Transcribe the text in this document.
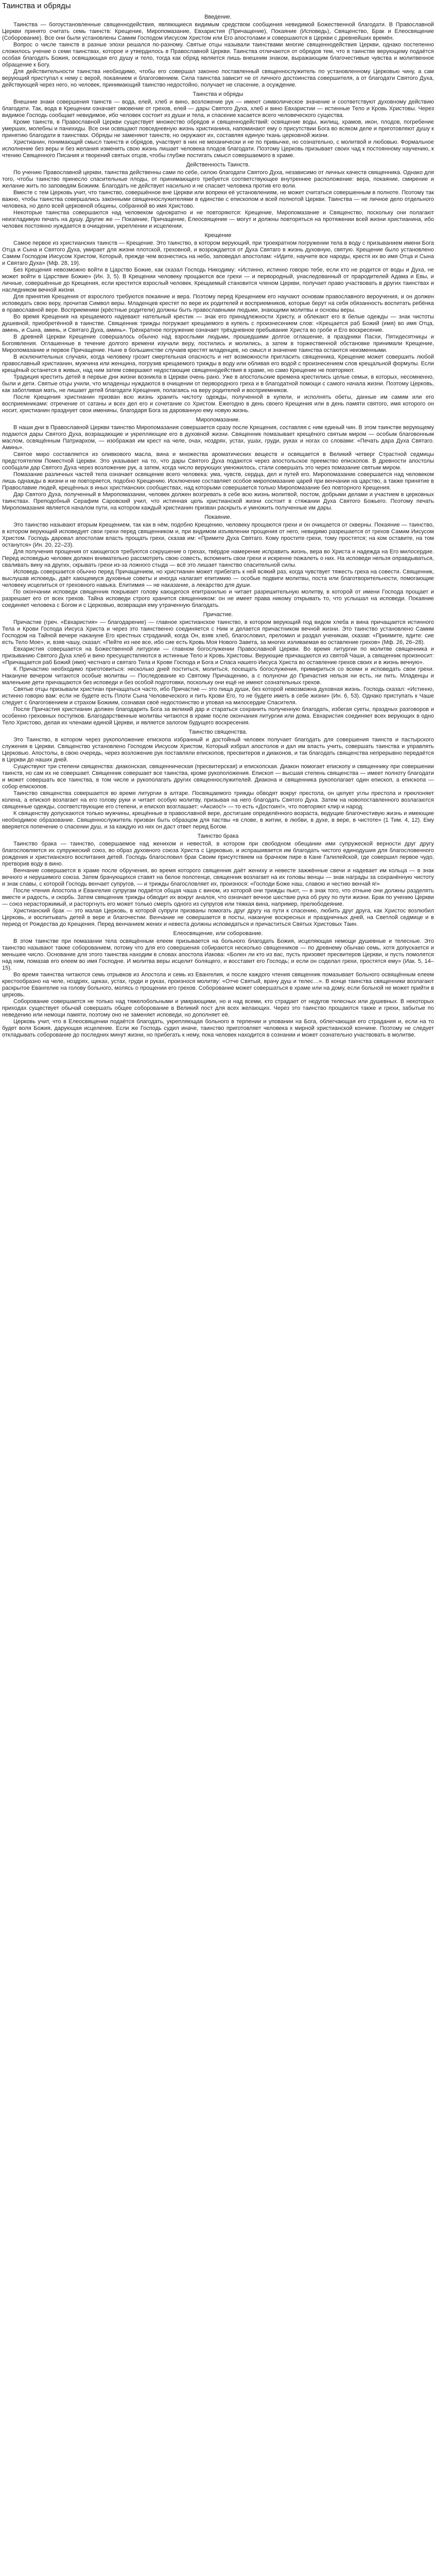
Таинства и обряды
Введение.

Таинства — богоустановленные священнодействия, являющиеся видимым средством сообщения невидимой Божественной благодати. В Православной Церкви принято считать семь таинств: Крещение, Миропомазание, Евхаристия (Причащение), Покаяние (Исповедь), Священство, Брак и Елеосвящение (Соборование). Все они были установлены Самим Господом Иисусом Христом или Его апостолами и совершаются в Церкви с древнейших времён.

Вопрос о числе таинств в разные эпохи решался по-разному. Святые отцы называли таинствами многие священнодействия Церкви, однако постепенно сложилось учение о семи таинствах, которое и утвердилось в Православной Церкви. Таинства отличаются от обрядов тем, что в таинстве верующему подаётся особая благодать Божия, освящающая его душу и тело, тогда как обряд является лишь внешним знаком, выражающим благочестивые чувства и молитвенное обращение к Богу.

Для действительности таинства необходимо, чтобы его совершал законно поставленный священнослужитель по установленному Церковью чину, а сам верующий приступал к нему с верой, покаянием и благоговением. Сила таинства зависит не от личного достоинства совершителя, а от благодати Святого Духа, действующей через него, но человек, принимающий таинство недостойно, получает не спасение, а осуждение.

Таинства и обряды

Внешние знаки совершения таинств — вода, елей, хлеб и вино, возложение рук — имеют символическое значение и соответствуют духовному действию благодати. Так, вода в Крещении означает омовение от грехов, елей — дары Святого Духа, хлеб и вино Евхаристии — истинные Тело и Кровь Христовы. Через видимое Господь сообщает невидимое, ибо человек состоит из души и тела, и спасение касается всего человеческого существа.

Кроме таинств, в Православной Церкви существует множество обрядов и священнодействий: освящение воды, жилищ, храмов, икон, плодов, погребение умерших, молебны и панихиды. Все они освящают повседневную жизнь христианина, напоминают ему о присутствии Бога во всяком деле и приготовляют душу к принятию благодати в таинствах. Обряды не заменяют таинств, но окружают их, составляя единую ткань церковной жизни.

Христианин, понимающий смысл таинств и обрядов, участвует в них не механически и не по привычке, но сознательно, с молитвой и любовью. Формальное исполнение без веры и без желания изменить свою жизнь лишает человека плодов благодати. Поэтому Церковь призывает своих чад к постоянному научению, к чтению Священного Писания и творений святых отцов, чтобы глубже постигать смысл совершаемого в храме.

Действенность Таинств.

По учению Православной церкви, таинства действенны сами по себе, силою благодати Святого Духа, независимо от личных качеств священника. Однако для того, чтобы таинство принесло спасительные плоды, от принимающего требуется соответствующее внутреннее расположение: вера, покаяние, смирение и желание жить по заповедям Божиим. Благодать не действует насильно и не спасает человека против его воли.

Вместе с тем Церковь учит, что таинство, совершённое вне Церкви или вопреки её установлениям, не может считаться совершенным в полноте. Поэтому так важно, чтобы таинства совершались законными священнослужителями в единстве с епископом и всей полнотой Церкви. Таинства — не личное дело отдельного человека, но дело всей церковной общины, собранной во имя Христово.

Некоторые таинства совершаются над человеком однократно и не повторяются: Крещение, Миропомазание и Священство, поскольку они полагают неизгладимую печать на душу. Другие же — Покаяние, Причащение, Елеосвящение — могут и должны повторяться на протяжении всей жизни христианина, ибо человек постоянно нуждается в очищении, укреплении и исцелении.

Крещение

Самое первое из христианских таинств — Крещение. Это таинство, в котором верующий, при троекратном погружении тела в воду с призыванием имени Бога Отца и Сына и Святого Духа, умирает для жизни плотской, греховной, и возрождается от Духа Святаго в жизнь духовную, святую. Крещение было установлено Самим Господом Иисусом Христом, Который, прежде чем вознестись на небо, заповедал апостолам: «Идите, научите все народы, крестя их во имя Отца и Сына и Святаго Духа» (Мф. 28, 19).

Без Крещения невозможно войти в Царство Божие, как сказал Господь Никодиму: «Истинно, истинно говорю тебе, если кто не родится от воды и Духа, не может войти в Царствие Божие» (Ин. 3, 5). В Крещении человеку прощаются все грехи — и первородный, унаследованный от прародителей Адама и Евы, и личные, совершённые до Крещения, если крестится взрослый человек. Крещаемый становится членом Церкви, получает право участвовать в других таинствах и наследником вечной жизни.

Для принятия Крещения от взрослого требуются покаяние и вера. Поэтому перед Крещением его научают основам православного вероучения, и он должен исповедать свою веру, прочитав Символ веры. Младенцев крестят по вере их родителей и восприемников, которые берут на себя обязанность воспитать ребёнка в православной вере. Восприемники (крёстные родители) должны быть православными людьми, знающими молитвы и основы веры.

Во время Крещения на крещаемого надевают нательный крестик — знак его принадлежности Христу, и облекают его в белые одежды — знак чистоты душевной, приобретённой в таинстве. Священник трижды погружает крещаемого в купель с произнесением слов: «Крещается раб Божий (имя) во имя Отца, аминь, и Сына, аминь, и Святаго Духа, аминь». Трёхкратное погружение означает трёхдневное пребывание Христа во гробе и Его воскресение.

В древней Церкви Крещение совершалось обычно над взрослыми людьми, прошедшими долгое оглашение, в праздники Пасхи, Пятидесятницы и Богоявления. Оглашенные в течение долгого времени изучали веру, постились и молились, а затем в торжественной обстановке принимали Крещение, Миропомазание и первое Причащение. Ныне в большинстве случаев крестят младенцев, но смысл и значение таинства остаются неизменными.

В исключительных случаях, когда человеку грозит смертельная опасность и нет возможности пригласить священника, Крещение может совершить любой православный христианин, мужчина или женщина, погрузив крещаемого трижды в воду или обливая его водой с произнесением слов крещальной формулы. Если крещёный останется в живых, над ним затем совершают недостающие священнодействия в храме, но само Крещение не повторяют.

Традиция крестить детей в первые дни жизни возникла в Церкви очень рано. Уже в апостольские времена крестились целые семьи, в которых, несомненно, были и дети. Святые отцы учили, что младенцы нуждаются в очищении от первородного греха и в благодатной помощи с самого начала жизни. Поэтому Церковь, как заботливая мать, не лишает детей благодати Крещения, полагаясь на веру родителей и восприемников.

После Крещения христианин призван всю жизнь хранить чистоту одежды, полученной в купели, и исполнять обеты, данные им самим или его восприемниками: отречение от сатаны и всех дел его и сочетание со Христом. Ежегодно в день своего Крещения или в день памяти святого, имя которого он носит, христианин празднует свои именины, благодаря Бога за дарованную ему новую жизнь.

Миропомазание.

В наши дни в Православной Церкви таинство Миропомазания совершается сразу после Крещения, составляя с ним единый чин. В этом таинстве верующему подаются дары Святого Духа, возращающие и укрепляющие его в духовной жизни. Священник помазывает крещёного святым миром — особым благовонным маслом, освящённым Патриархом, — изображая им крест на челе, очах, ноздрях, устах, ушах, груди, руках и ногах со словами: «Печать дара Духа Святаго. Аминь».

Святое миро составляется из оливкового масла, вина и множества ароматических веществ и освящается в Великий четверг Страстной седмицы предстоятелем Поместной Церкви. Это указывает на то, что дары Святого Духа подаются через апостольское преемство епископов. В древности апостолы сообщали дар Святого Духа через возложение рук, а затем, когда число верующих умножилось, стали совершать это через помазание святым миром.

Помазание различных частей тела означает освящение всего человека: ума, чувств, сердца, дел и путей его. Миропомазание совершается над человеком лишь однажды в жизни и не повторяется, подобно Крещению. Исключение составляет особое миропомазание царей при венчании на царство, а также принятие в Православие людей, крещённых в иных христианских сообществах, над которыми совершается только Миропомазание без повторного Крещения.

Дар Святого Духа, полученный в Миропомазании, человек должен возгревать в себе всю жизнь молитвой, постом, добрыми делами и участием в церковных таинствах. Преподобный Серафим Саровский учил, что истинная цель христианской жизни состоит в стяжании Духа Святого Божьего. Поэтому печать Миропомазания является началом пути, на котором каждый христианин призван раскрыть и умножить полученные им дары.

Покаяние.

Это таинство называют вторым Крещением, так как в нём, подобно Крещению, человеку прощаются грехи и он очищается от скверны. Покаяние — таинство, в котором верующий исповедует свои грехи перед священником и, при видимом изъявлении прощения от него, невидимо разрешается от грехов Самим Иисусом Христом. Господь даровал апостолам власть прощать грехи, сказав им: «Примите Духа Святаго. Кому простите грехи, тому простятся; на ком оставите, на том останутся» (Ин. 20, 22–23).

Для получения прощения от кающегося требуются сокрушение о грехах, твёрдое намерение исправить жизнь, вера во Христа и надежда на Его милосердие. Перед исповедью человек должен внимательно рассмотреть свою совесть, вспомнить свои грехи и искренне пожалеть о них. На исповеди нельзя оправдываться, сваливать вину на других, скрывать грехи из-за ложного стыда — всё это лишает таинство спасительной силы.

Исповедь совершается обычно перед Причащением, но христианин может прибегать к ней всякий раз, когда чувствует тяжесть греха на совести. Священник, выслушав исповедь, даёт кающемуся духовные советы и иногда налагает епитимию — особые подвиги молитвы, поста или благотворительности, помогающие человеку исцелиться от греховного навыка. Епитимия — не наказание, а лекарство для души.

По окончании исповеди священник покрывает голову кающегося епитрахилью и читает разрешительную молитву, в которой от имени Господа прощает и разрешает его от всех грехов. Тайна исповеди строго хранится священником: он не имеет права никому открывать то, что услышал на исповеди. Покаяние соединяет человека с Богом и с Церковью, возвращая ему утраченную благодать.

Причастие.

Причастие (греч. «Евхаристия» — благодарение) — главное христианское таинство, в котором верующий под видом хлеба и вина причащается истинного Тела и Крови Господа Иисуса Христа и через это таинственно соединяется с Ним и делается причастником вечной жизни. Это таинство установлено Самим Господом на Тайной вечере накануне Его крестных страданий, когда Он, взяв хлеб, благословил, преломил и раздал ученикам, сказав: «Приимите, ядите: сие есть Тело Мое», и, взяв чашу, сказал: «Пейте из нее все, ибо сие есть Кровь Моя Нового Завета, за многих изливаемая во оставление грехов» (Мф. 26, 26–28).

Евхаристия совершается на Божественной литургии — главном богослужении Православной Церкви. Во время литургии по молитве священника и призыванию Святого Духа хлеб и вино пресуществляются в истинные Тело и Кровь Христовы. Верующие причащаются из святой Чаши, а священник произносит: «Причащается раб Божий (имя) честнаго и святаго Тела и Крове Господа и Бога и Спаса нашего Иисуса Христа во оставление грехов своих и в жизнь вечную».

К Причастию необходимо приготовиться: несколько дней поститься, молиться, посещать богослужения, примириться со всеми и исповедать свои грехи. Накануне вечером читаются особые молитвы — Последование ко Святому Причащению, а с полуночи до Причастия нельзя ни есть, ни пить. Младенцы и маленькие дети причащаются без исповеди и без особой подготовки, поскольку они ещё не имеют сознательных грехов.

Святые отцы призывали христиан причащаться часто, ибо Причастие — это пища души, без которой невозможна духовная жизнь. Господь сказал: «Истинно, истинно говорю вам: если не будете есть Плоти Сына Человеческого и пить Крови Его, то не будете иметь в себе жизни» (Ин. 6, 53). Однако приступать к Чаше следует с благоговением и страхом Божиим, сознавая своё недостоинство и уповая на милосердие Спасителя.

После Причастия христианин должен благодарить Бога за великий дар и стараться сохранить полученную благодать, избегая суеты, праздных разговоров и особенно греховных поступков. Благодарственные молитвы читаются в храме после окончания литургии или дома. Евхаристия соединяет всех верующих в одно Тело Христово, делая их членами единой Церкви, и является залогом будущего воскресения.

Таинство священства.

Это Таинство, в котором через рукоположение епископа избранный и достойный человек получает благодать для совершения таинств и пастырского служения в Церкви. Священство установлено Господом Иисусом Христом, Который избрал апостолов и дал им власть учить, совершать таинства и управлять Церковью. Апостолы, в свою очередь, через возложение рук поставляли епископов, пресвитеров и диаконов, и так благодать священства непрерывно передаётся в Церкви до наших дней.

Существуют три степени священства: диаконская, священническая (пресвитерская) и епископская. Диакон помогает епископу и священнику при совершении таинств, но сам их не совершает. Священник совершает все таинства, кроме рукоположения. Епископ — высшая степень священства — имеет полноту благодати и может совершать все таинства, в том числе и рукополагать других священнослужителей. Диакона и священника рукополагает один епископ, а епископа — собор епископов.

Таинство священства совершается во время литургии в алтаре. Посвящаемого трижды обводят вокруг престола, он целует углы престола и преклоняет колена, а епископ возлагает на его голову руки и читает особую молитву, призывая на него благодать Святого Духа. Затем на новопоставленного возлагаются священные одежды, соответствующие его степени, и епископ возглашает: «Аксиос!» — то есть «Достоин!», что повторяют клир и народ.

К священству допускаются только мужчины, крещённые в православной вере, достигшие определённого возраста, ведущие благочестивую жизнь и имеющие необходимое образование. Священнослужитель призван быть образцом для паствы «в слове, в житии, в любви, в духе, в вере, в чистоте» (1 Тим. 4, 12). Ему вверяется попечение о спасении душ, и за каждую из них он даст ответ перед Богом.

Таинство брака

Таинство брака — таинство, совершаемое над женихом и невестой, в котором при свободном обещании ими супружеской верности друг другу благословляется их супружеский союз, во образ духовного союза Христа с Церковью, и испрашивается им благодать чистого единодушия для благословенного рождения и христианского воспитания детей. Господь благословил брак Своим присутствием на брачном пире в Кане Галилейской, где совершил первое чудо, претворив воду в вино.

Венчание совершается в храме после обручения, во время которого священник даёт жениху и невесте зажжённые свечи и надевает им кольца — в знак вечного и нерушимого союза. Затем брачующихся ставят на белое полотенце, священник возлагает на их головы венцы — знак награды за сохранённую чистоту и знак славы, с которой Господь венчает супругов, — и трижды благословляет их, произнося: «Господи Боже наш, славою и честию венчай я!»

После чтения Апостола и Евангелия супругам подаётся общая чаша с вином, из которой они трижды пьют, — в знак того, что отныне они должны разделять вместе и радость, и скорбь. Затем священник трижды обводит их вокруг аналоя, что означает вечное шествие рука об руку по пути жизни. Брак по учению Церкви — союз нерасторжимый, и расторгнуть его может только смерть одного из супругов или тяжкая вина, например, прелюбодеяние.

Христианский брак — это малая Церковь, в которой супруги призваны помогать друг другу на пути к спасению, любить друг друга, как Христос возлюбил Церковь, и воспитывать детей в вере и благочестии. Венчание не совершается в посты, накануне воскресных и праздничных дней, на Светлой седмице и в период от Рождества до Крещения. Перед венчанием жених и невеста должны исповедаться и причаститься Святых Христовых Таин.

Елеосвящение, или соборование.

В этом таинстве при помазании тела освящённым елеем призывается на больного благодать Божия, исцеляющая немощи душевные и телесные. Это таинство называют также соборованием, потому что для его совершения собираются несколько священников — по древнему обычаю семь, хотя допускается и меньшее число. Основание для этого таинства находим в словах апостола Иакова: «Болен ли кто из вас, пусть призовет пресвитеров Церкви, и пусть помолятся над ним, помазав его елеем во имя Господне. И молитва веры исцелит болящего, и восставит его Господь; и если он соделал грехи, простятся ему» (Иак. 5, 14–15).

Во время таинства читаются семь отрывков из Апостола и семь из Евангелия, и после каждого чтения священник помазывает больного освящённым елеем крестообразно на челе, ноздрях, щеках, устах, груди и руках, произнося молитву: «Отче Святый, врачу душ и телес…». В конце таинства священники возлагают раскрытое Евангелие на голову больного, молясь о прощении его грехов. Соборование может совершаться в храме или на дому, если больной не может прийти в церковь.

Соборование совершается не только над тяжелобольными и умирающими, но и над всеми, кто страдает от недугов телесных или душевных. В некоторых приходах существует обычай совершать общее соборование в Великий пост для всех желающих. Через это таинство прощаются также и грехи, забытые по неведению или немощи памяти, поэтому оно не заменяет исповеди, но дополняет её.

Церковь учит, что в Елеосвящении подаётся благодать, укрепляющая больного в терпении и уповании на Бога, облегчающая его страдания и, если на то будет воля Божия, дарующая исцеление. Если же Господь судил иначе, таинство приготовляет человека к мирной христианской кончине. Поэтому не следует откладывать соборование до последних минут жизни, но прибегать к нему, пока человек находится в сознании и может сознательно участвовать в молитве.
